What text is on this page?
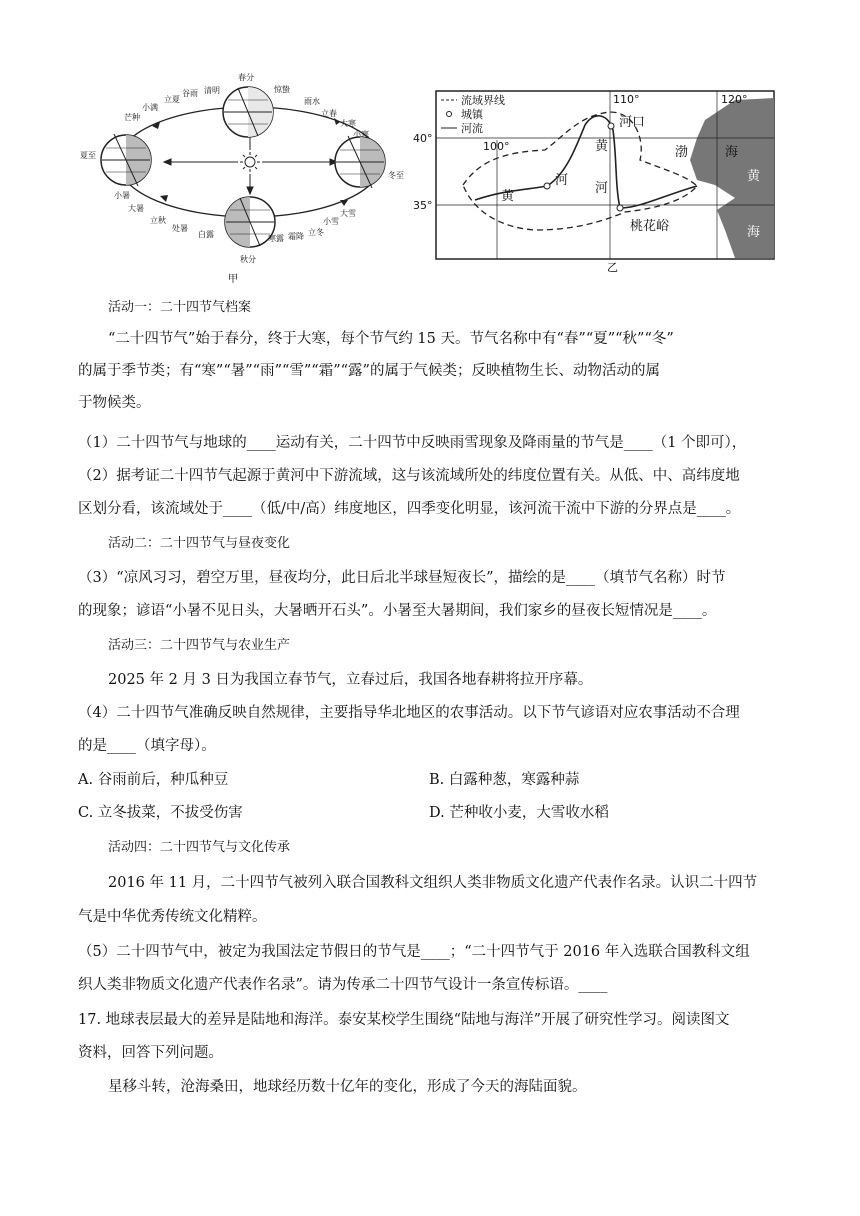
春分
惊蛰
雨水
立春
大寒
小寒
冬至
大雪
小雪
立冬
霜降
寒露
秋分
白露
处暑
立秋
大暑
小暑
夏至
芒种
小满
立夏
谷雨 清明
甲
流域界线
城镇
河流
110°	120°
100°
40°
35°
河口
桃花峪
黄
河
河
黄	渤	海
黄
海
乙
活动一：二十四节气档案
“二十四节气”始于春分，终于大寒，每个节气约 15 天。节气名称中有“春”“夏”“秋”“冬”
的属于季节类；有“寒”“暑”“雨”“雪”“霜”“露”的属于气候类；反映植物生长、动物活动的属
于物候类。
（1）二十四节气与地球的____运动有关，二十四节中反映雨雪现象及降雨量的节气是____（1 个即可），
（2）据考证二十四节气起源于黄河中下游流域，这与该流域所处的纬度位置有关。从低、中、高纬度地
区划分看，该流域处于____（低/中/高）纬度地区，四季变化明显，该河流干流中下游的分界点是____。
活动二：二十四节气与昼夜变化
（3）“凉风习习，碧空万里，昼夜均分，此日后北半球昼短夜长”，描绘的是____（填节气名称）时节
的现象；谚语“小暑不见日头，大暑晒开石头”。小暑至大暑期间，我们家乡的昼夜长短情况是____。
活动三：二十四节气与农业生产
2025 年 2 月 3 日为我国立春节气，立春过后，我国各地春耕将拉开序幕。
（4）二十四节气准确反映自然规律，主要指导华北地区的农事活动。以下节气谚语对应农事活动不合理
的是____（填字母）。
A. 谷雨前后，种瓜种豆	B. 白露种葱，寒露种蒜
C. 立冬拔菜，不拔受伤害	D. 芒种收小麦，大雪收水稻
活动四：二十四节气与文化传承
2016 年 11 月，二十四节气被列入联合国教科文组织人类非物质文化遗产代表作名录。认识二十四节
气是中华优秀传统文化精粹。
（5）二十四节气中，被定为我国法定节假日的节气是____；“二十四节气于 2016 年入选联合国教科文组
织人类非物质文化遗产代表作名录”。请为传承二十四节气设计一条宣传标语。____
17. 地球表层最大的差异是陆地和海洋。泰安某校学生围绕“陆地与海洋”开展了研究性学习。阅读图文
资料，回答下列问题。
星移斗转，沧海桑田，地球经历数十亿年的变化，形成了今天的海陆面貌。
